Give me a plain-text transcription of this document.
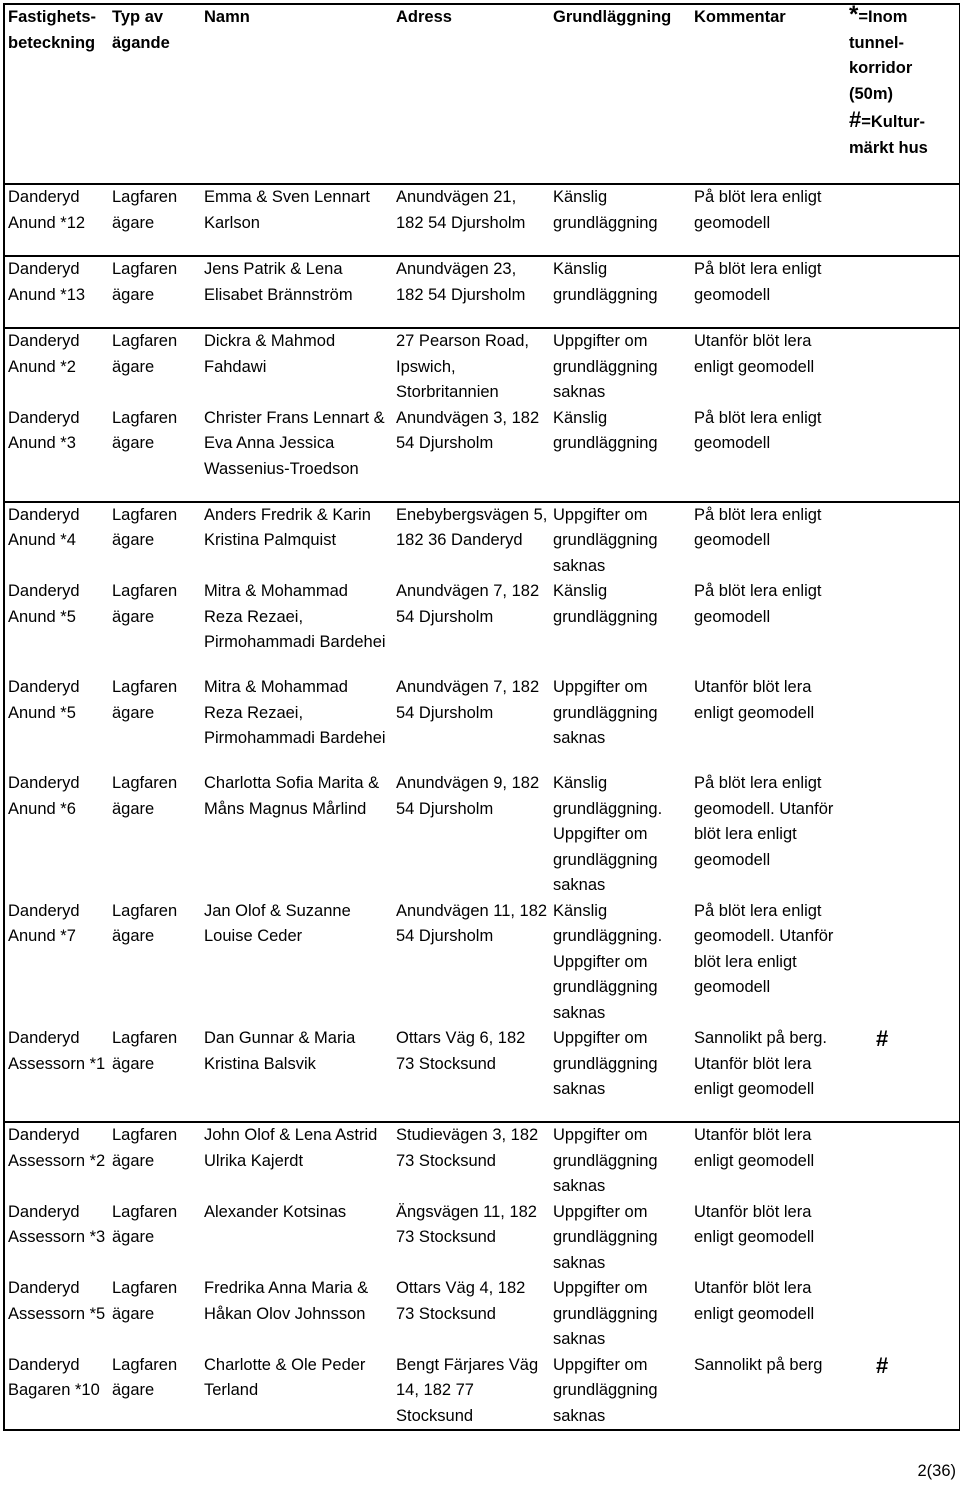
Fastighets-beteckning	Typ av ägande	Namn	Adress	Grundläggning	Kommentar	*=Inom tunnel-korridor (50m)
#=Kultur-märkt hus
Danderyd Anund *12	Lagfaren ägare	Emma & Sven Lennart Karlson	Anundvägen 21, 182 54 Djursholm	Känslig grundläggning	På blöt lera enligt geomodell	
Danderyd Anund *13	Lagfaren ägare	Jens Patrik & Lena Elisabet Brännström	Anundvägen 23, 182 54 Djursholm	Känslig grundläggning	På blöt lera enligt geomodell	
Danderyd Anund *2	Lagfaren ägare	Dickra & Mahmod Fahdawi	27 Pearson Road, Ipswich, Storbritannien	Uppgifter om grundläggning saknas	Utanför blöt lera enligt geomodell	
Danderyd Anund *3	Lagfaren ägare	Christer Frans Lennart & Eva Anna Jessica Wassenius-Troedson	Anundvägen 3, 182 54 Djursholm	Känslig grundläggning	På blöt lera enligt geomodell	
Danderyd Anund *4	Lagfaren ägare	Anders Fredrik & Karin Kristina Palmquist	Enebybergsvägen 5, 182 36 Danderyd	Uppgifter om grundläggning saknas	På blöt lera enligt geomodell	
Danderyd Anund *5	Lagfaren ägare	Mitra & Mohammad Reza Rezaei, Pirmohammadi Bardehei	Anundvägen 7, 182 54 Djursholm	Känslig grundläggning	På blöt lera enligt geomodell	
Danderyd Anund *5	Lagfaren ägare	Mitra & Mohammad Reza Rezaei, Pirmohammadi Bardehei	Anundvägen 7, 182 54 Djursholm	Uppgifter om grundläggning saknas	Utanför blöt lera enligt geomodell	
Danderyd Anund *6	Lagfaren ägare	Charlotta Sofia Marita & Måns Magnus Mårlind	Anundvägen 9, 182 54 Djursholm	Känslig grundläggning. Uppgifter om grundläggning saknas	På blöt lera enligt geomodell. Utanför blöt lera enligt geomodell	
Danderyd Anund *7	Lagfaren ägare	Jan Olof & Suzanne Louise Ceder	Anundvägen 11, 182 54 Djursholm	Känslig grundläggning. Uppgifter om grundläggning saknas	På blöt lera enligt geomodell. Utanför blöt lera enligt geomodell	
Danderyd Assessorn *1	Lagfaren ägare	Dan Gunnar & Maria Kristina Balsvik	Ottars Väg 6, 182 73 Stocksund	Uppgifter om grundläggning saknas	Sannolikt på berg. Utanför blöt lera enligt geomodell	#
Danderyd Assessorn *2	Lagfaren ägare	John Olof & Lena Astrid Ulrika Kajerdt	Studievägen 3, 182 73 Stocksund	Uppgifter om grundläggning saknas	Utanför blöt lera enligt geomodell	
Danderyd Assessorn *3	Lagfaren ägare	Alexander Kotsinas	Ängsvägen 11, 182 73 Stocksund	Uppgifter om grundläggning saknas	Utanför blöt lera enligt geomodell	
Danderyd Assessorn *5	Lagfaren ägare	Fredrika Anna Maria & Håkan Olov Johnsson	Ottars Väg 4, 182 73 Stocksund	Uppgifter om grundläggning saknas	Utanför blöt lera enligt geomodell	
Danderyd Bagaren *10	Lagfaren ägare	Charlotte & Ole Peder Terland	Bengt Färjares Väg 14, 182 77 Stocksund	Uppgifter om grundläggning saknas	Sannolikt på berg	#
2(36)
